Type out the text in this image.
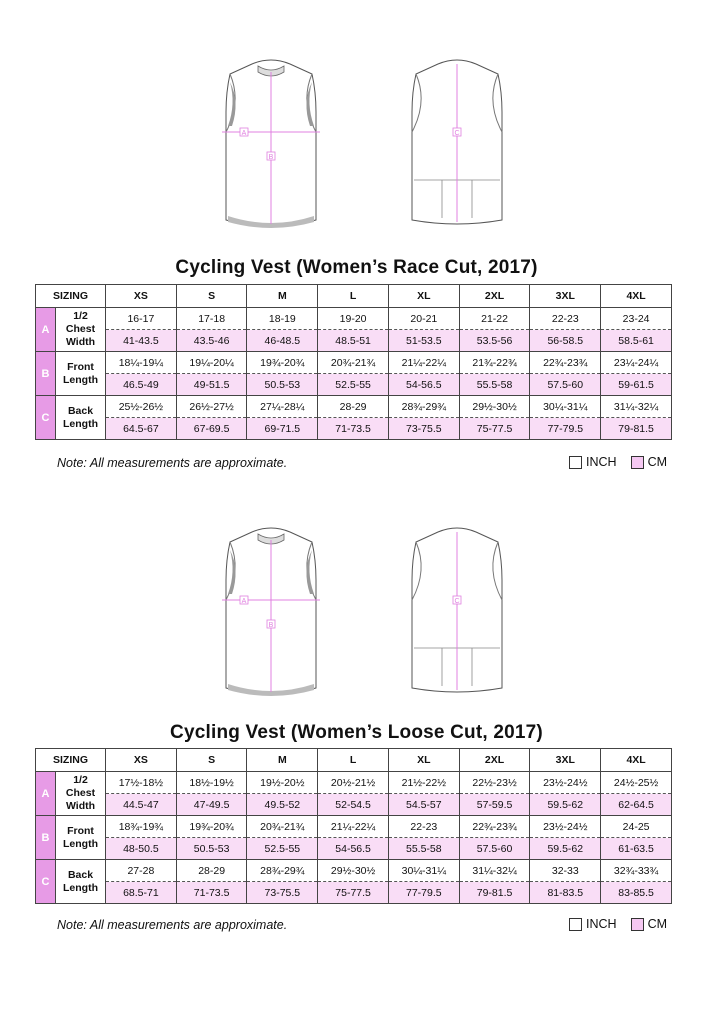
A
B
C
Cycling Vest (Women’s Race Cut, 2017)
SIZING		XS	S	M	L	XL	2XL	3XL	4XL
A	1/2
Chest
Width	16-17	17-18	18-19	19-20	20-21	21-22	22-23	23-24
		41-43.5	43.5-46	46-48.5	48.5-51	51-53.5	53.5-56	56-58.5	58.5-61
B	Front
Length	18¼-19¼	19¼-20¼	19¾-20¾	20¾-21¾	21¼-22¼	21¾-22¾	22¾-23¾	23¼-24¼
		46.5-49	49-51.5	50.5-53	52.5-55	54-56.5	55.5-58	57.5-60	59-61.5
C	Back
Length	25½-26½	26½-27½	27¼-28¼	28-29	28¾-29¾	29½-30½	30¼-31¼	31¼-32¼
		64.5-67	67-69.5	69-71.5	71-73.5	73-75.5	75-77.5	77-79.5	79-81.5
Note: All measurements are approximate.	INCH CM
A
B
C
Cycling Vest (Women’s Loose Cut, 2017)
SIZING		XS	S	M	L	XL	2XL	3XL	4XL
A	1/2
Chest
Width	17½-18½	18½-19½	19½-20½	20½-21½	21½-22½	22½-23½	23½-24½	24½-25½
		44.5-47	47-49.5	49.5-52	52-54.5	54.5-57	57-59.5	59.5-62	62-64.5
B	Front
Length	18¾-19¾	19¾-20¾	20¾-21¾	21¼-22¼	22-23	22¾-23¾	23½-24½	24-25
		48-50.5	50.5-53	52.5-55	54-56.5	55.5-58	57.5-60	59.5-62	61-63.5
C	Back
Length	27-28	28-29	28¾-29¾	29½-30½	30¼-31¼	31¼-32¼	32-33	32¾-33¾
		68.5-71	71-73.5	73-75.5	75-77.5	77-79.5	79-81.5	81-83.5	83-85.5
Note: All measurements are approximate.	INCH CM
